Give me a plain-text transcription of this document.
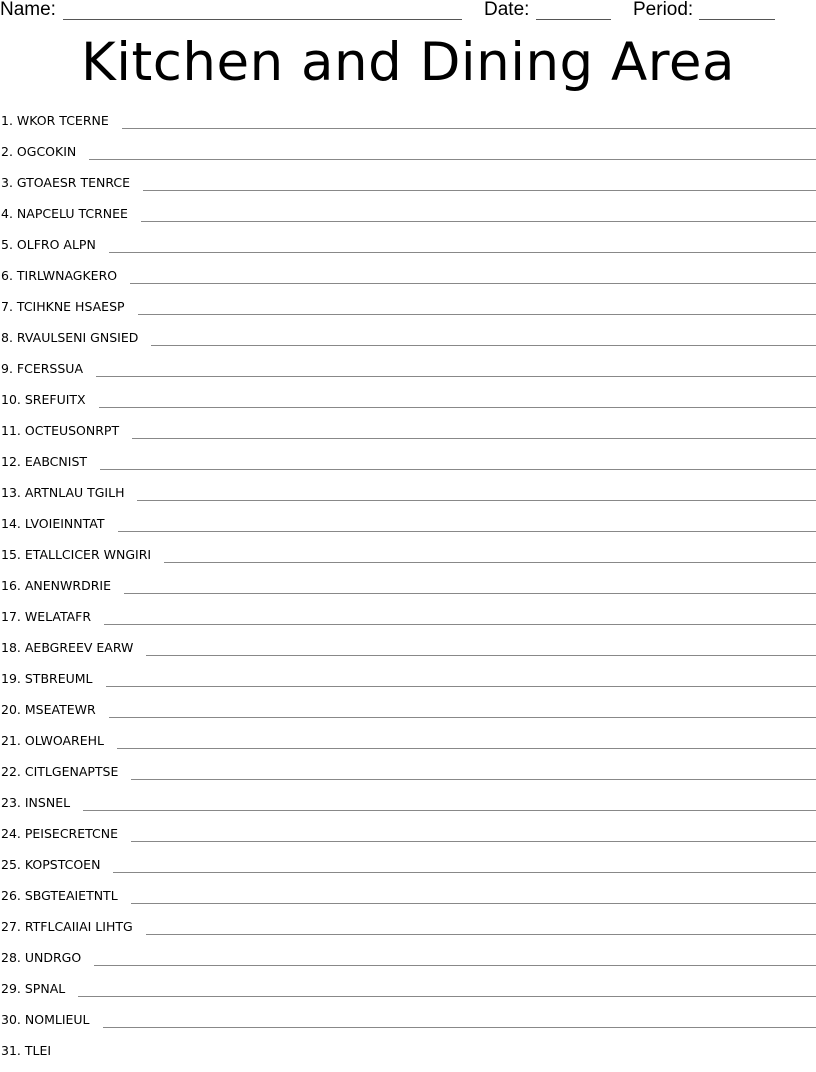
Name:	Date:	Period:
Kitchen and Dining Area
1. WKOR TCERNE
2. OGCOKIN
3. GTOAESR TENRCE
4. NAPCELU TCRNEE
5. OLFRO ALPN
6. TIRLWNAGKERO
7. TCIHKNE HSAESP
8. RVAULSENI GNSIED
9. FCERSSUA
10. SREFUITX
11. OCTEUSONRPT
12. EABCNIST
13. ARTNLAU TGILH
14. LVOIEINNTAT
15. ETALLCICER WNGIRI
16. ANENWRDRIE
17. WELATAFR
18. AEBGREEV EARW
19. STBREUML
20. MSEATEWR
21. OLWOAREHL
22. CITLGENAPTSE
23. INSNEL
24. PEISECRETCNE
25. KOPSTCOEN
26. SBGTEAIETNTL
27. RTFLCAIIAI LIHTG
28. UNDRGO
29. SPNAL
30. NOMLIEUL
31. TLEI
